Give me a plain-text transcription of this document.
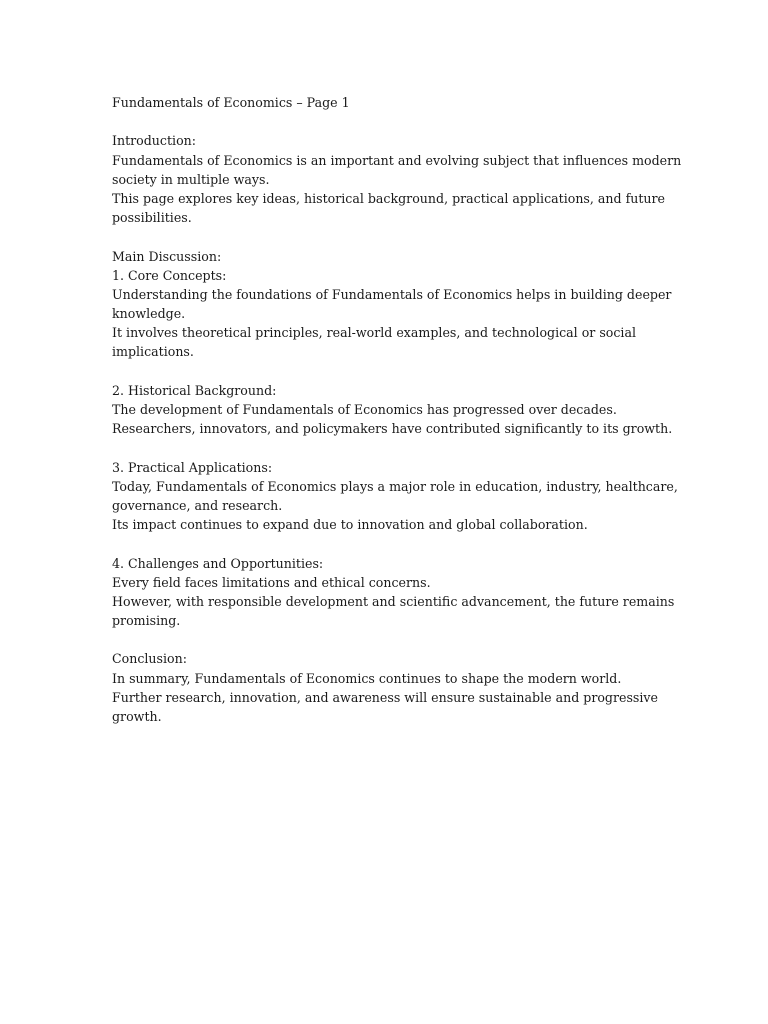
Fundamentals of Economics – Page 1
Introduction:
Fundamentals of Economics is an important and evolving subject that influences modern
society in multiple ways.
This page explores key ideas, historical background, practical applications, and future
possibilities.
Main Discussion:
1. Core Concepts:
Understanding the foundations of Fundamentals of Economics helps in building deeper
knowledge.
It involves theoretical principles, real-world examples, and technological or social
implications.
2. Historical Background:
The development of Fundamentals of Economics has progressed over decades.
Researchers, innovators, and policymakers have contributed significantly to its growth.
3. Practical Applications:
Today, Fundamentals of Economics plays a major role in education, industry, healthcare,
governance, and research.
Its impact continues to expand due to innovation and global collaboration.
4. Challenges and Opportunities:
Every field faces limitations and ethical concerns.
However, with responsible development and scientific advancement, the future remains
promising.
Conclusion:
In summary, Fundamentals of Economics continues to shape the modern world.
Further research, innovation, and awareness will ensure sustainable and progressive
growth.
